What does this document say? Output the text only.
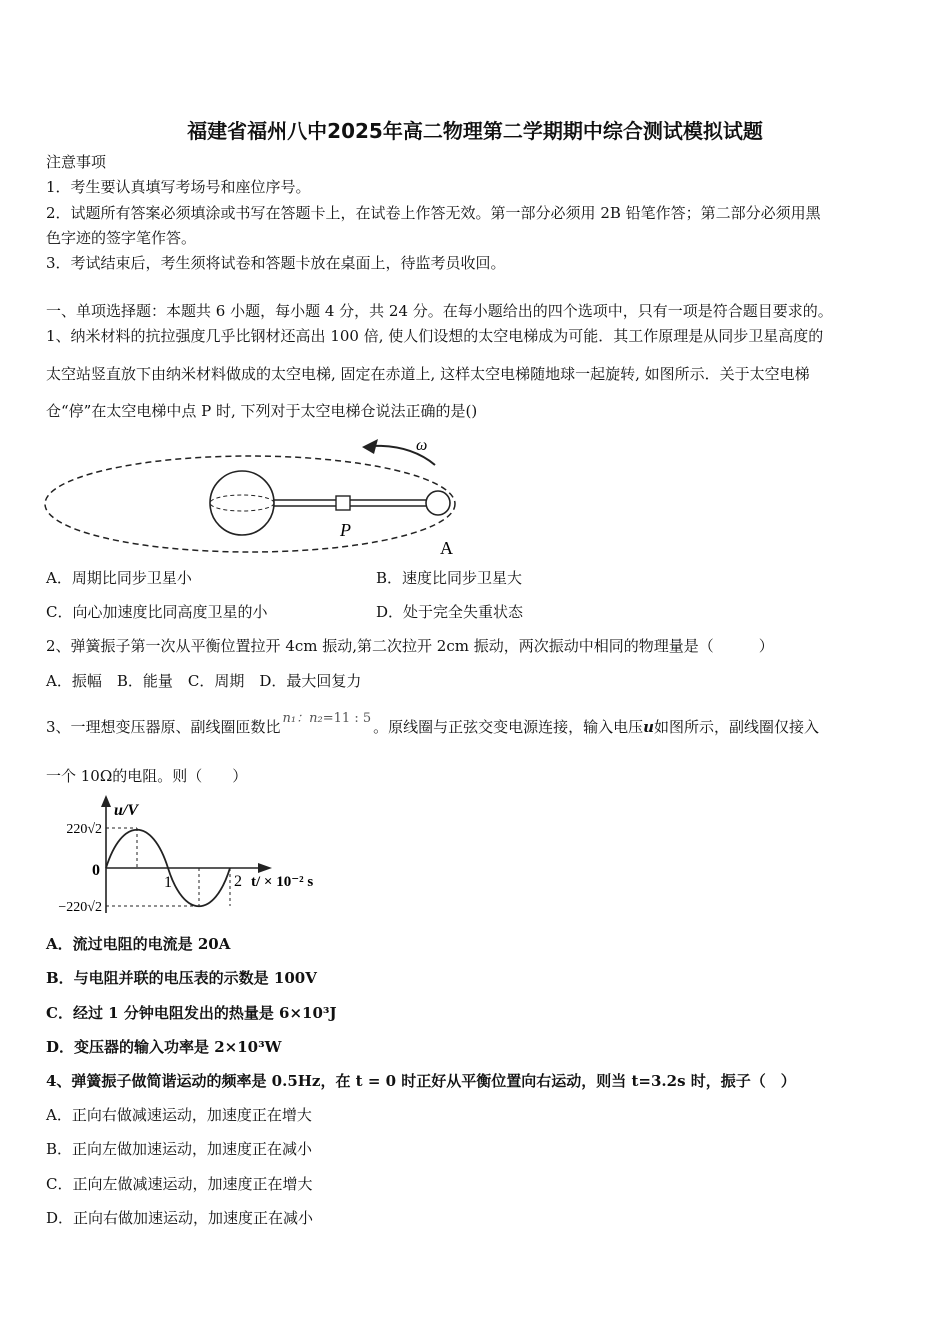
福建省福州八中2025年高二物理第二学期期中综合测试模拟试题
注意事项
1．考生要认真填写考场号和座位序号。
2．试题所有答案必须填涂或书写在答题卡上，在试卷上作答无效。第一部分必须用 2B 铅笔作答；第二部分必须用黑
色字迹的签字笔作答。
3．考试结束后，考生须将试卷和答题卡放在桌面上，待监考员收回。
一、单项选择题：本题共 6 小题，每小题 4 分，共 24 分。在每小题给出的四个选项中，只有一项是符合题目要求的。
1、纳米材料的抗拉强度几乎比钢材还高出 100 倍, 使人们设想的太空电梯成为可能．其工作原理是从同步卫星高度的
太空站竖直放下由纳米材料做成的太空电梯, 固定在赤道上, 这样太空电梯随地球一起旋转, 如图所示．关于太空电梯
仓“停”在太空电梯中点 P 时, 下列对于太空电梯仓说法正确的是()
ω
P
A
A．周期比同步卫星小	B．速度比同步卫星大
C．向心加速度比同高度卫星的小	D．处于完全失重状态
2、弹簧振子第一次从平衡位置拉开 4cm 振动,第二次拉开 2cm 振动，两次振动中相同的物理量是（　　　）
A．振幅　B．能量　C．周期　D．最大回复力
3、一理想变压器原、副线圈匝数比 n₁：n₂=11 : 5 。原线圈与正弦交变电源连接，输入电压u如图所示，副线圈仅接入
一个 10Ω的电阻。则（　　）
u/V
220√2
0
−220√2
1	2 t/ × 10⁻² s
A．流过电阻的电流是 20A
B．与电阻并联的电压表的示数是 100V
C．经过 1 分钟电阻发出的热量是 6×10³J
D．变压器的输入功率是 2×10³W
4、弹簧振子做简谐运动的频率是 0.5Hz，在 t = 0 时正好从平衡位置向右运动，则当 t=3.2s 时，振子（　）
A．正向右做减速运动，加速度正在增大
B．正向左做加速运动，加速度正在减小
C．正向左做减速运动，加速度正在增大
D．正向右做加速运动，加速度正在减小
